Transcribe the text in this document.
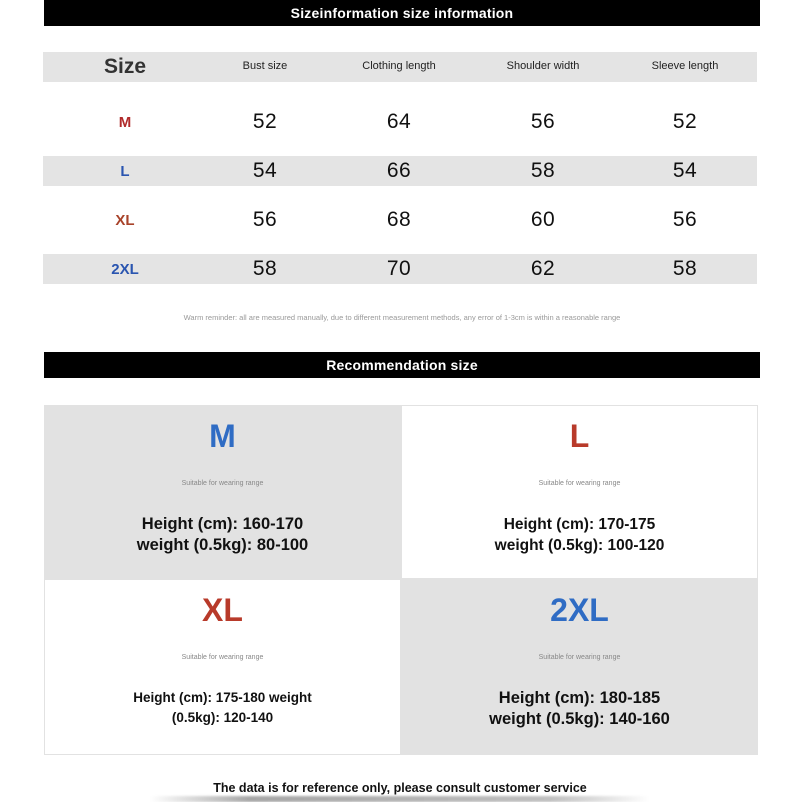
Sizeinformation size information
Size	Bust size	Clothing length	Shoulder width	Sleeve length
M	52	64	56	52
L	54	66	58	54
XL	56	68	60	56
2XL	58	70	62	58
Warm reminder: all are measured manually, due to different measurement methods, any error of 1-3cm is within a reasonable range
Recommendation size
M
Suitable for wearing range
Height (cm): 160-170
weight (0.5kg): 80-100
L
Suitable for wearing range
Height (cm): 170-175
weight (0.5kg): 100-120
XL
Suitable for wearing range
Height (cm): 175-180 weight
(0.5kg): 120-140
2XL
Suitable for wearing range
Height (cm): 180-185
weight (0.5kg): 140-160
The data is for reference only, please consult customer service
